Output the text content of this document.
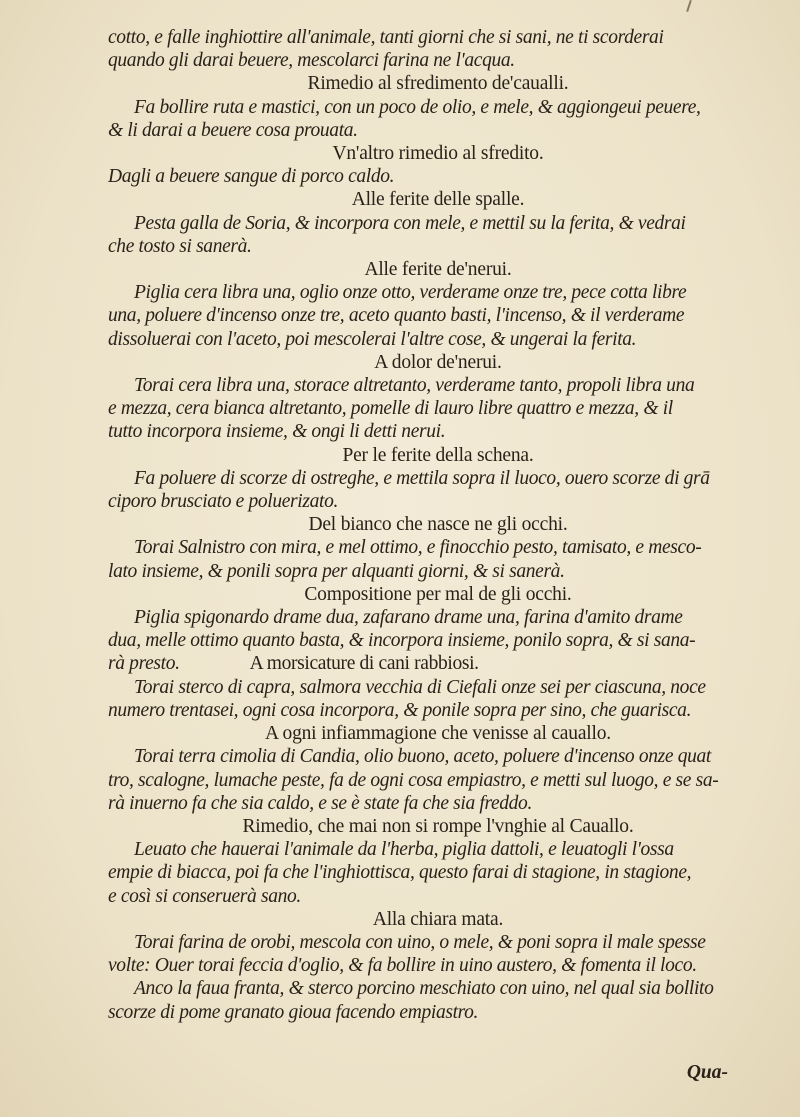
cotto, e falle inghiottire all'animale, tanti giorni che si sani, ne ti scorderai
quando gli darai beuere, mescolarci farina ne l'acqua.
Rimedio al sfredimento de'caualli.
Fa bollire ruta e mastici, con un poco de olio, e mele, & aggiongeui peuere,
& li darai a beuere cosa prouata.
Vn'altro rimedio al sfredito.
Dagli a beuere sangue di porco caldo.
Alle ferite delle spalle.
Pesta galla de Soria, & incorpora con mele, e mettil su la ferita, & vedrai
che tosto si sanerà.
Alle ferite de'nerui.
Piglia cera libra una, oglio onze otto, verderame onze tre, pece cotta libre
una, poluere d'incenso onze tre, aceto quanto basti, l'incenso, & il verderame
dissoluerai con l'aceto, poi mescolerai l'altre cose, & ungerai la ferita.
A dolor de'nerui.
Torai cera libra una, storace altretanto, verderame tanto, propoli libra una
e mezza, cera bianca altretanto, pomelle di lauro libre quattro e mezza, & il
tutto incorpora insieme, & ongi li detti nerui.
Per le ferite della schena.
Fa poluere di scorze di ostreghe, e mettila sopra il luoco, ouero scorze di grā
ciporo brusciato e poluerizato.
Del bianco che nasce ne gli occhi.
Torai Salnistro con mira, e mel ottimo, e finocchio pesto, tamisato, e mesco-
lato insieme, & ponili sopra per alquanti giorni, & si sanerà.
Compositione per mal de gli occhi.
Piglia spigonardo drame dua, zafarano drame una, farina d'amito drame
dua, melle ottimo quanto basta, & incorpora insieme, ponilo sopra, & si sana-
rà presto.	A morsicature di cani rabbiosi.
Torai sterco di capra, salmora vecchia di Ciefali onze sei per ciascuna, noce
numero trentasei, ogni cosa incorpora, & ponile sopra per sino, che guarisca.
A ogni infiammagione che venisse al cauallo.
Torai terra cimolia di Candia, olio buono, aceto, poluere d'incenso onze quat
tro, scalogne, lumache peste, fa de ogni cosa empiastro, e metti sul luogo, e se sa-
rà inuerno fa che sia caldo, e se è state fa che sia freddo.
Rimedio, che mai non si rompe l'vnghie al Cauallo.
Leuato che hauerai l'animale da l'herba, piglia dattoli, e leuatogli l'ossa
empie di biacca, poi fa che l'inghiottisca, questo farai di stagione, in stagione,
e così si conseruerà sano.
Alla chiara mata.
Torai farina de orobi, mescola con uino, o mele, & poni sopra il male spesse
volte: Ouer torai feccia d'oglio, & fa bollire in uino austero, & fomenta il loco.
Anco la faua franta, & sterco porcino meschiato con uino, nel qual sia bollito
scorze di pome granato gioua facendo empiastro.
Qua-
